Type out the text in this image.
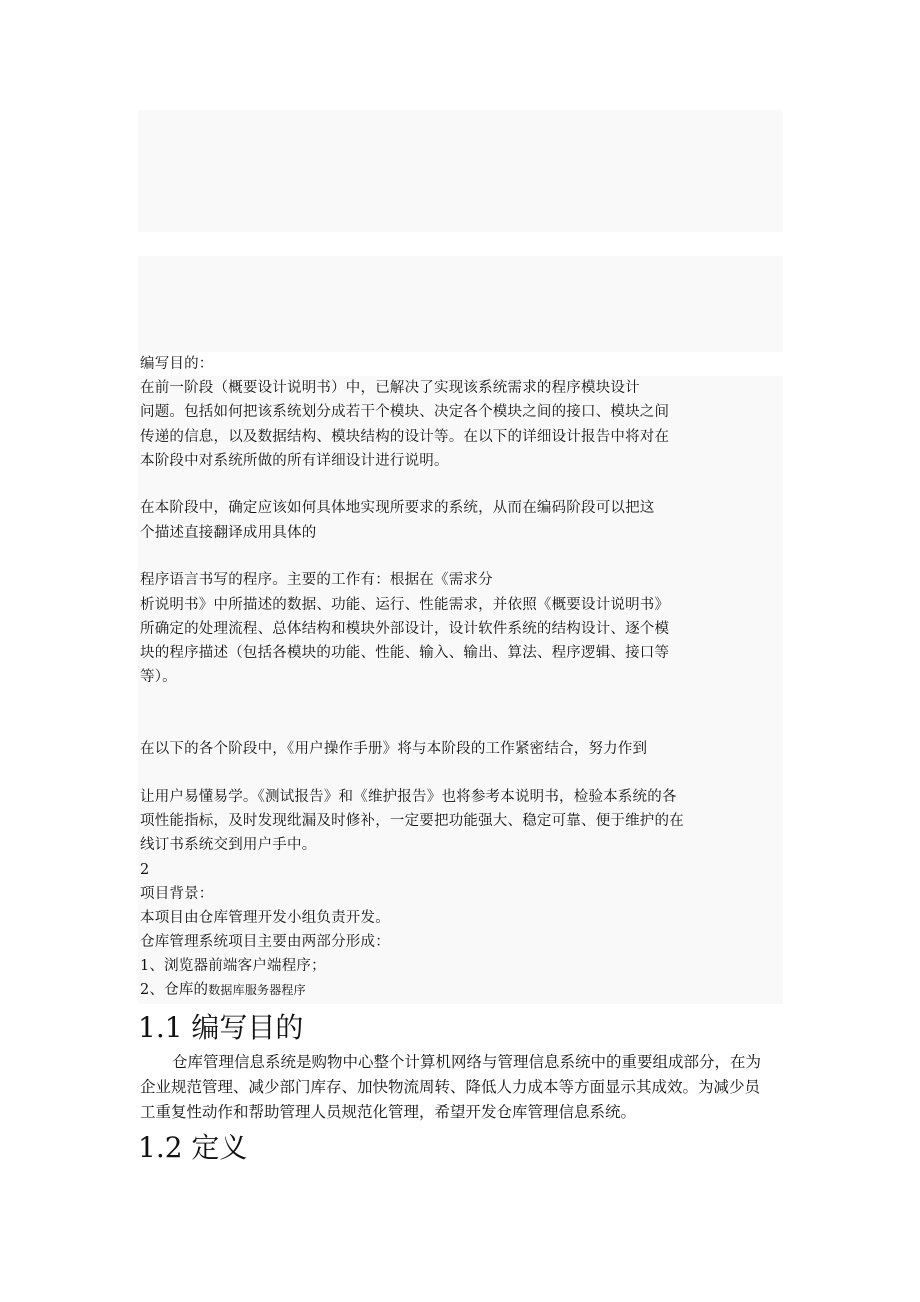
编写目的：
在前一阶段（概要设计说明书）中，已解决了实现该系统需求的程序模块设计
问题。包括如何把该系统划分成若干个模块、决定各个模块之间的接口、模块之间
传递的信息，以及数据结构、模块结构的设计等。在以下的详细设计报告中将对在
本阶段中对系统所做的所有详细设计进行说明。
在本阶段中，确定应该如何具体地实现所要求的系统，从而在编码阶段可以把这
个描述直接翻译成用具体的
程序语言书写的程序。主要的工作有：根据在《需求分
析说明书》中所描述的数据、功能、运行、性能需求，并依照《概要设计说明书》
所确定的处理流程、总体结构和模块外部设计，设计软件系统的结构设计、逐个模
块的程序描述（包括各模块的功能、性能、输入、输出、算法、程序逻辑、接口等
等）。
在以下的各个阶段中，《用户操作手册》将与本阶段的工作紧密结合，努力作到
让用户易懂易学。《测试报告》和《维护报告》也将参考本说明书，检验本系统的各
项性能指标，及时发现纰漏及时修补，一定要把功能强大、稳定可靠、便于维护的在
线订书系统交到用户手中。
2
项目背景：
本项目由仓库管理开发小组负责开发。
仓库管理系统项目主要由两部分形成：
1、浏览器前端客户端程序；
2、仓库的数据库服务器程序
1.1 编写目的
仓库管理信息系统是购物中心整个计算机网络与管理信息系统中的重要组成部分，在为
企业规范管理、减少部门库存、加快物流周转、降低人力成本等方面显示其成效。为减少员
工重复性动作和帮助管理人员规范化管理，希望开发仓库管理信息系统。
1.2 定义
